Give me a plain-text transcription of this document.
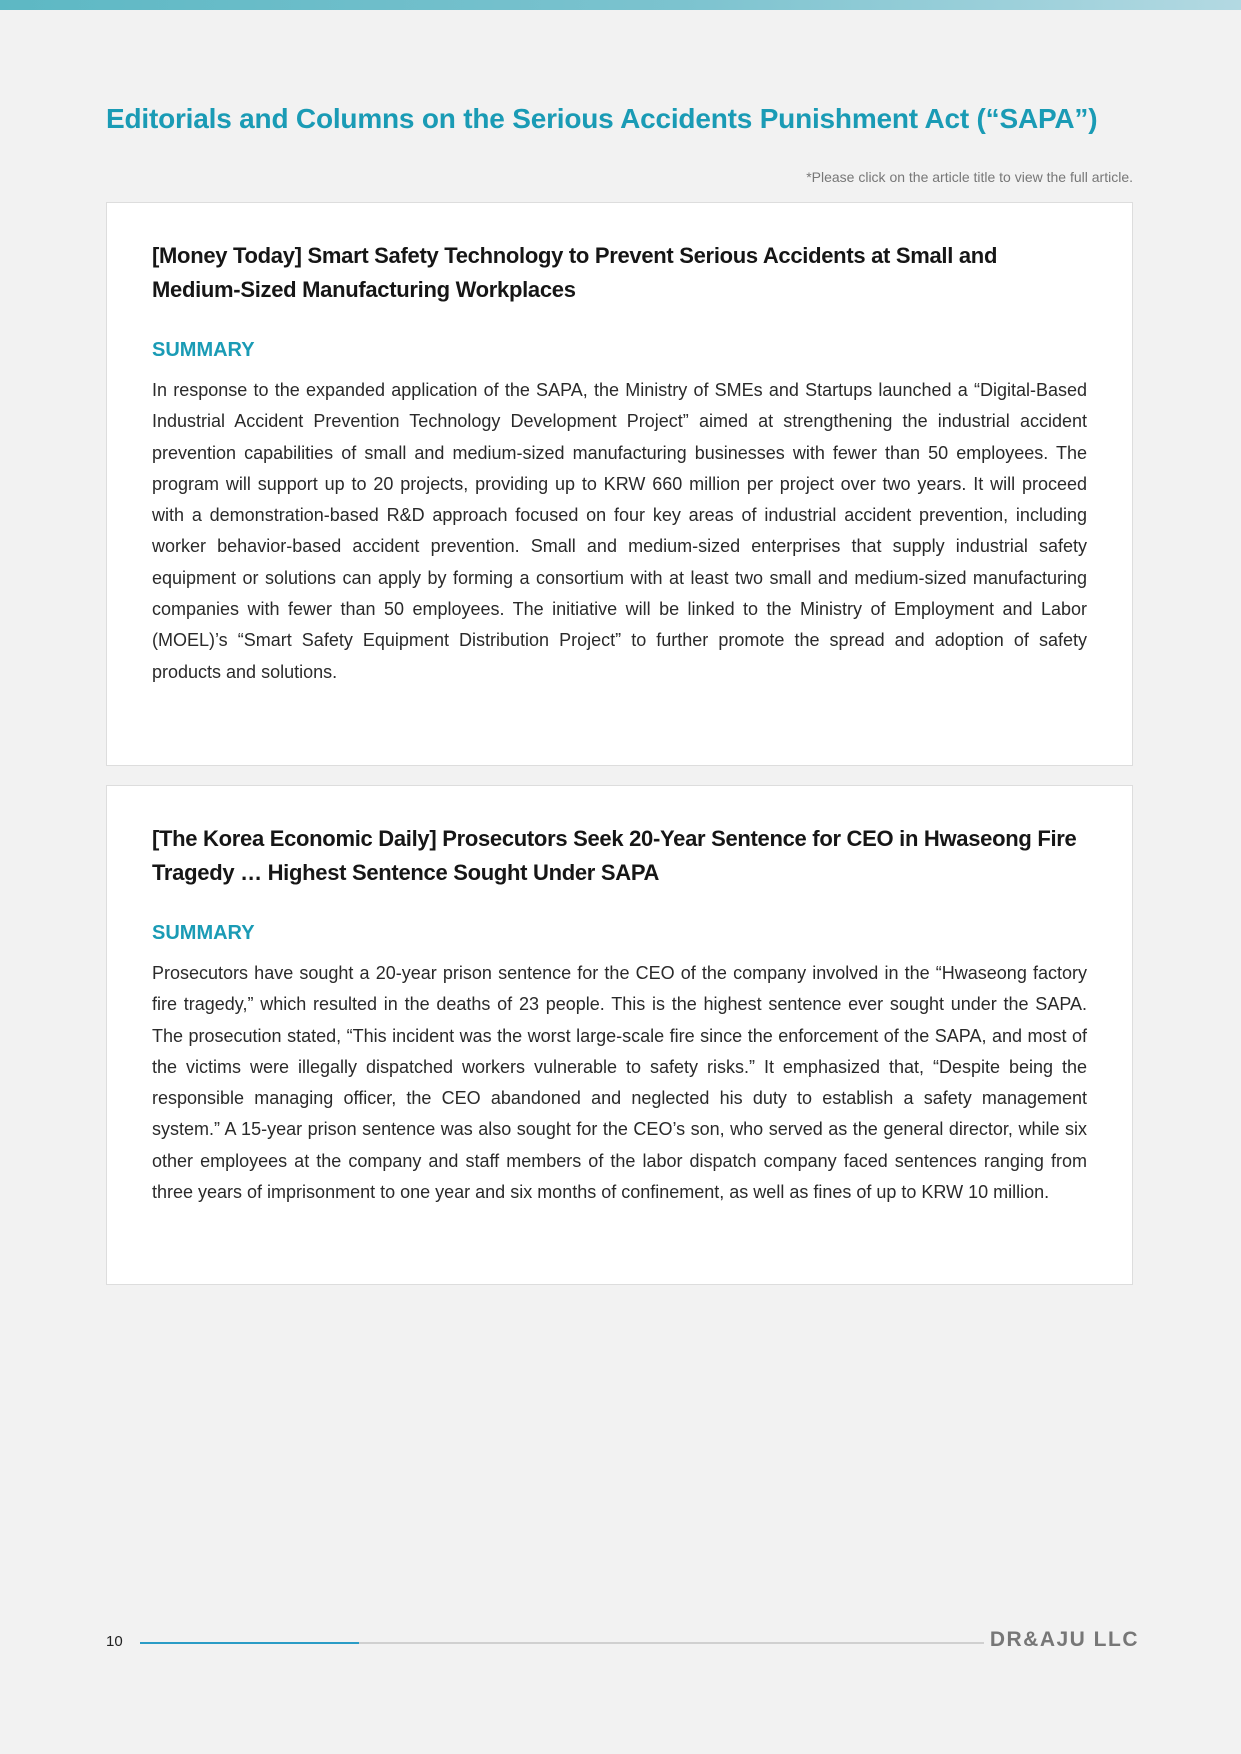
Editorials and Columns on the Serious Accidents Punishment Act (“SAPA”)
*Please click on the article title to view the full article.
[Money Today] Smart Safety Technology to Prevent Serious Accidents at Small and Medium-Sized Manufacturing Workplaces
SUMMARY

In response to the expanded application of the SAPA, the Ministry of SMEs and Startups launched a “Digital-Based Industrial Accident Prevention Technology Development Project” aimed at strengthening the industrial accident prevention capabilities of small and medium-sized manufacturing businesses with fewer than 50 employees. The program will support up to 20 projects, providing up to KRW 660 million per project over two years. It will proceed with a demonstration-based R&D approach focused on four key areas of industrial accident prevention, including worker behavior-based accident prevention. Small and medium-sized enterprises that supply industrial safety equipment or solutions can apply by forming a consortium with at least two small and medium-sized manufacturing companies with fewer than 50 employees. The initiative will be linked to the Ministry of Employment and Labor (MOEL)’s “Smart Safety Equipment Distribution Project” to further promote the spread and adoption of safety products and solutions.

[The Korea Economic Daily] Prosecutors Seek 20-Year Sentence for CEO in Hwaseong Fire Tragedy … Highest Sentence Sought Under SAPA
SUMMARY

Prosecutors have sought a 20-year prison sentence for the CEO of the company involved in the “Hwaseong factory fire tragedy,” which resulted in the deaths of 23 people. This is the highest sentence ever sought under the SAPA. The prosecution stated, “This incident was the worst large-scale fire since the enforcement of the SAPA, and most of the victims were illegally dispatched workers vulnerable to safety risks.” It emphasized that, “Despite being the responsible managing officer, the CEO abandoned and neglected his duty to establish a safety management system.” A 15-year prison sentence was also sought for the CEO’s son, who served as the general director, while six other employees at the company and staff members of the labor dispatch company faced sentences ranging from three years of imprisonment to one year and six months of confinement, as well as fines of up to KRW 10 million.

10	DR&AJU LLC
